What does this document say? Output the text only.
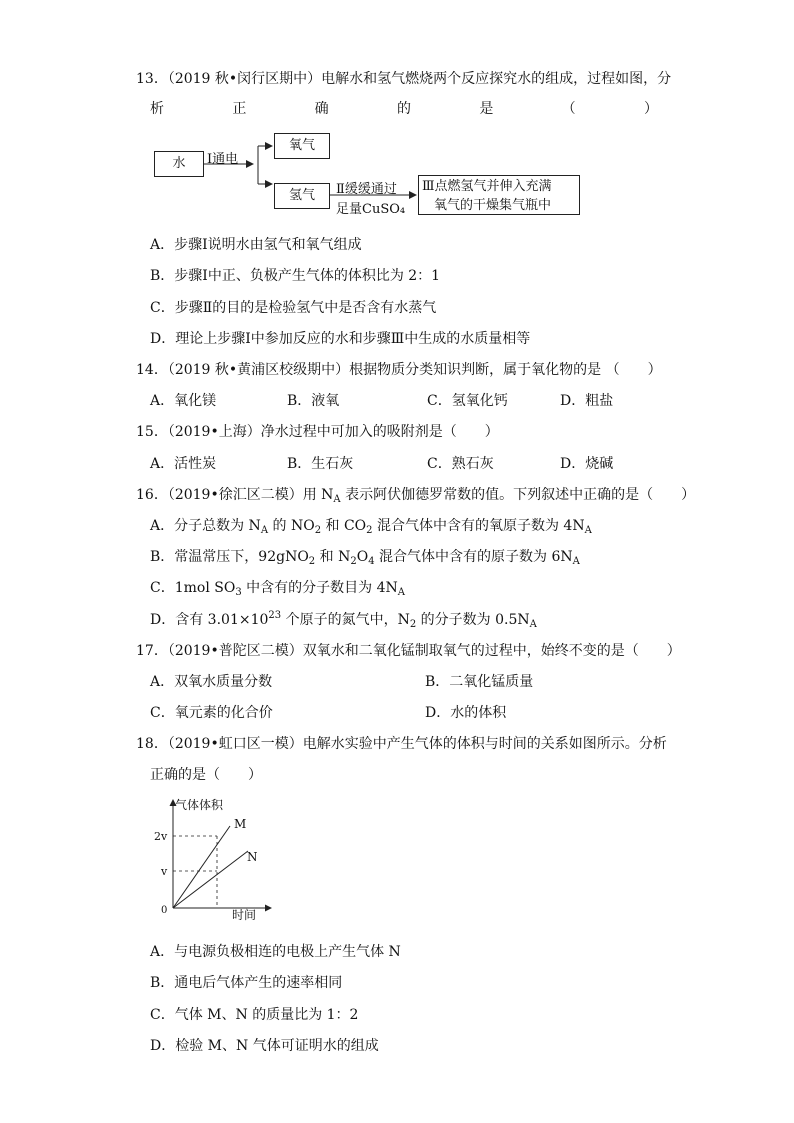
13．（2019 秋•闵行区期中）电解水和氢气燃烧两个反应探究水的组成，过程如图，分
析	正	确	的	是	（	）
水	Ⅰ通电
氧气
氢气	Ⅱ缓缓通过
足量CuSO₄
Ⅲ点燃氢气并伸入充满
氧气的干燥集气瓶中
A．步骤Ⅰ说明水由氢气和氧气组成
B．步骤Ⅰ中正、负极产生气体的体积比为 2：1
C．步骤Ⅱ的目的是检验氢气中是否含有水蒸气
D．理论上步骤Ⅰ中参加反应的水和步骤Ⅲ中生成的水质量相等
14．（2019 秋•黄浦区校级期中）根据物质分类知识判断，属于氧化物的是 （　　）
A．氧化镁	B．液氧	C．氢氧化钙	D．粗盐
15．（2019•上海）净水过程中可加入的吸附剂是（　　）
A．活性炭	B．生石灰	C．熟石灰	D．烧碱
16．（2019•徐汇区二模）用 $N_A$ 表示阿伏伽德罗常数的值。下列叙述中正确的是（　　）
A．分子总数为 $N_A$ 的 $NO_2$ 和 $CO_2$ 混合气体中含有的氧原子数为 $4N_A$
B．常温常压下，92gNO$_2$ 和 $N_2O_4$ 混合气体中含有的原子数为 $6N_A$
C．1mol $SO_3$ 中含有的分子数目为 $4N_A$
D．含有 $3.01\times 10^{23}$ 个原子的氮气中，$N_2$ 的分子数为 $0.5N_A$
17．（2019•普陀区二模）双氧水和二氧化锰制取氧气的过程中，始终不变的是（　　）
A．双氧水质量分数	B．二氧化锰质量
C．氧元素的化合价	D．水的体积
18．（2019•虹口区一模）电解水实验中产生气体的体积与时间的关系如图所示。分析
正确的是（　　）
气体体积
时间
0
2v
v
M
N
A．与电源负极相连的电极上产生气体 N
B．通电后气体产生的速率相同
C．气体 M、N 的质量比为 1：2
D．检验 M、N 气体可证明水的组成
